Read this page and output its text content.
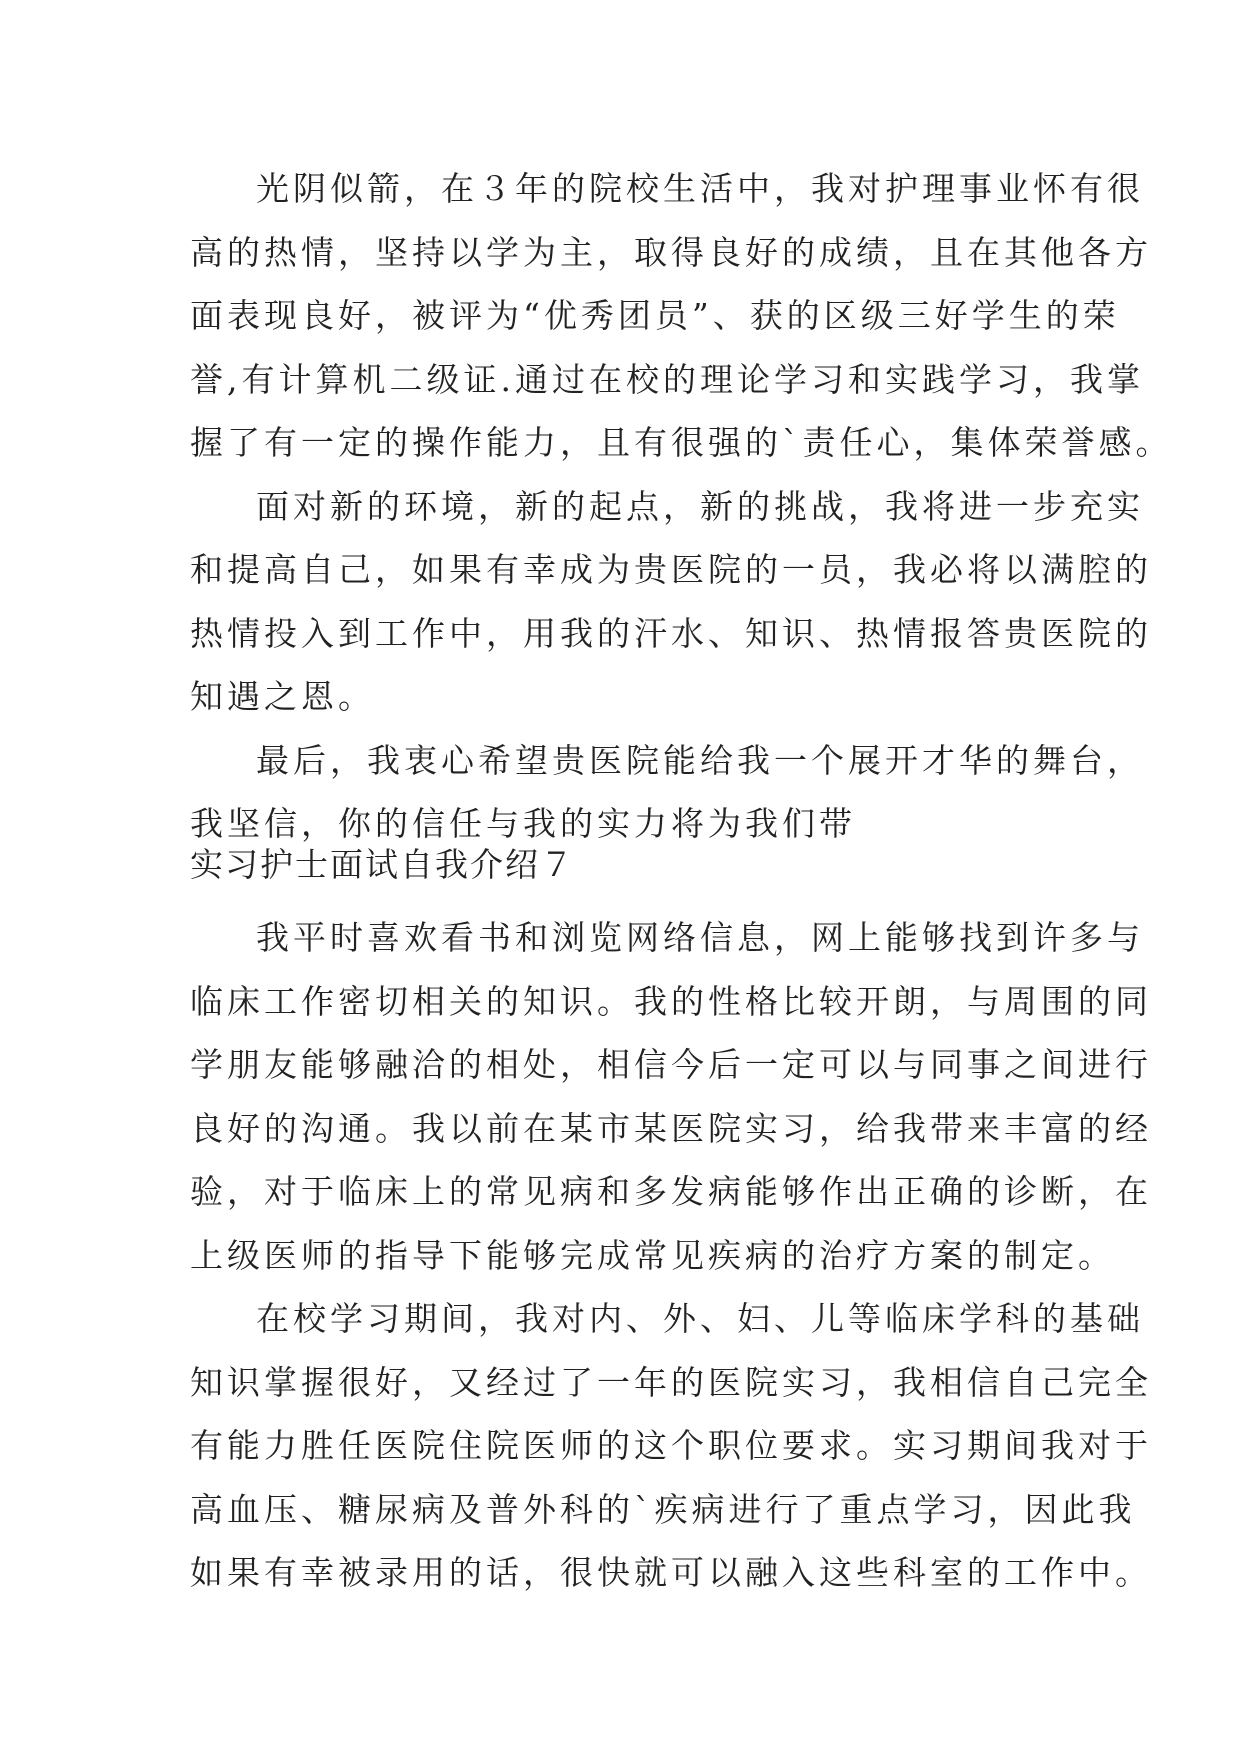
光阴似箭，在３年的院校生活中，我对护理事业怀有很
高的热情，坚持以学为主，取得良好的成绩，且在其他各方
面表现良好，被评为“优秀团员”、获的区级三好学生的荣
誉,有计算机二级证.通过在校的理论学习和实践学习，我掌
握了有一定的操作能力，且有很强的`责任心，集体荣誉感。
面对新的环境，新的起点，新的挑战，我将进一步充实
和提高自己，如果有幸成为贵医院的一员，我必将以满腔的
热情投入到工作中，用我的汗水、知识、热情报答贵医院的
知遇之恩。
最后，我衷心希望贵医院能给我一个展开才华的舞台，
我坚信，你的信任与我的实力将为我们带
实习护士面试自我介绍７
我平时喜欢看书和浏览网络信息，网上能够找到许多与
临床工作密切相关的知识。我的性格比较开朗，与周围的同
学朋友能够融洽的相处，相信今后一定可以与同事之间进行
良好的沟通。我以前在某市某医院实习，给我带来丰富的经
验，对于临床上的常见病和多发病能够作出正确的诊断，在
上级医师的指导下能够完成常见疾病的治疗方案的制定。
在校学习期间，我对内、外、妇、儿等临床学科的基础
知识掌握很好，又经过了一年的医院实习，我相信自己完全
有能力胜任医院住院医师的这个职位要求。实习期间我对于
高血压、糖尿病及普外科的`疾病进行了重点学习，因此我
如果有幸被录用的话，很快就可以融入这些科室的工作中。
